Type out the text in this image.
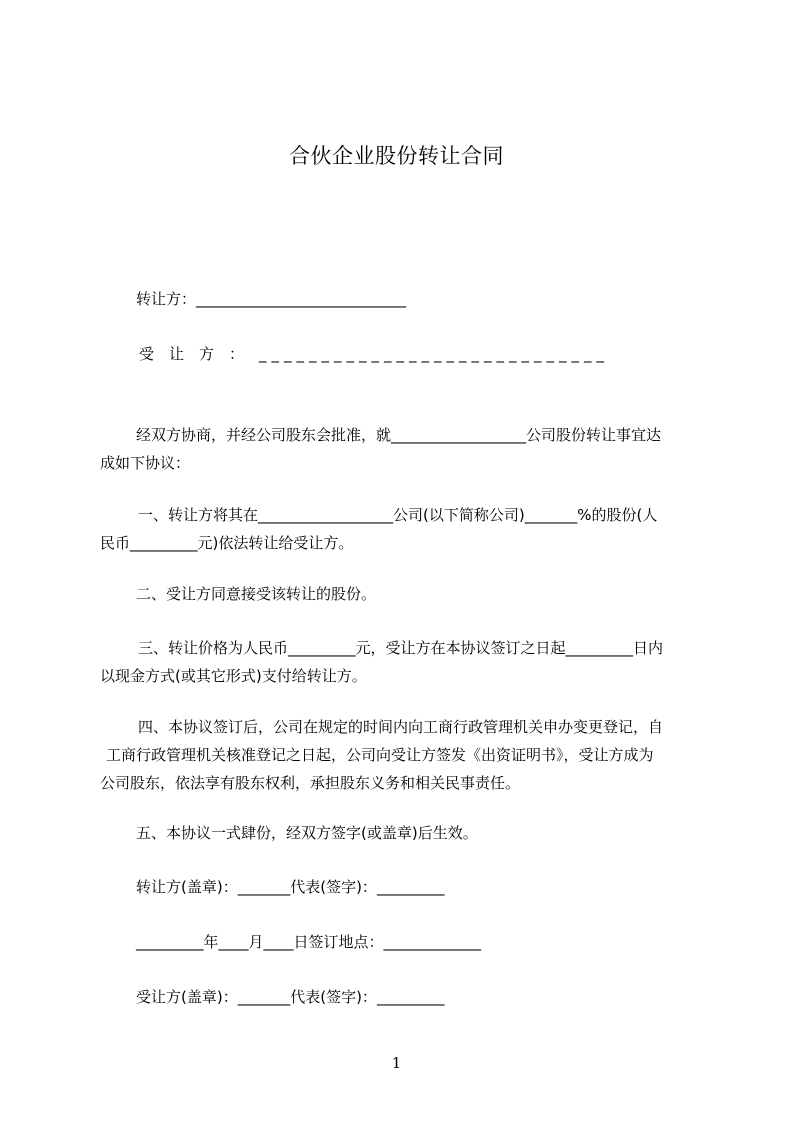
合伙企业股份转让合同
转让方：____________________________
受让方：____________________________
经双方协商，并经公司股东会批准，就__________________公司股份转让事宜达
成如下协议：
一、转让方将其在__________________公司(以下简称公司)_______%的股份(人
民币_________元)依法转让给受让方。
二、受让方同意接受该转让的股份。
三、转让价格为人民币_________元，受让方在本协议签订之日起_________日内
以现金方式(或其它形式)支付给转让方。
四、本协议签订后，公司在规定的时间内向工商行政管理机关申办变更登记，自
工商行政管理机关核准登记之日起，公司向受让方签发《出资证明书》，受让方成为
公司股东，依法享有股东权利，承担股东义务和相关民事责任。
五、本协议一式肆份，经双方签字(或盖章)后生效。
转让方(盖章)：_______代表(签字)：_________
_________年____月____日签订地点：_____________
受让方(盖章)：_______代表(签字)：_________
1
